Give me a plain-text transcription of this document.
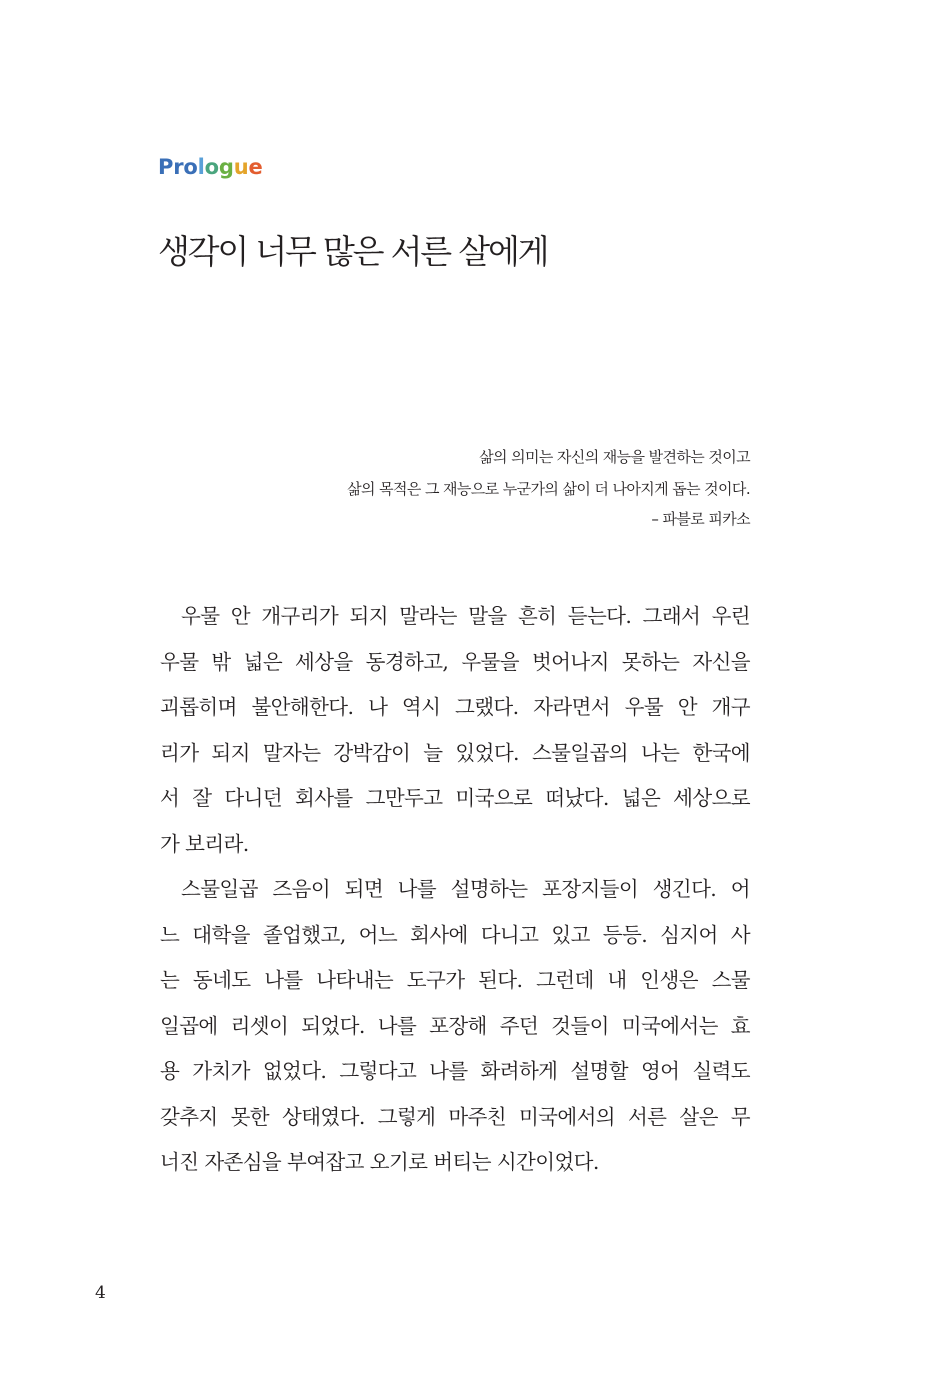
Prologue
생각이 너무 많은 서른 살에게
삶의 의미는 자신의 재능을 발견하는 것이고
삶의 목적은 그 재능으로 누군가의 삶이 더 나아지게 돕는 것이다.
– 파블로 피카소
우물 안 개구리가 되지 말라는 말을 흔히 듣는다. 그래서 우린
우물 밖 넓은 세상을 동경하고, 우물을 벗어나지 못하는 자신을
괴롭히며 불안해한다. 나 역시 그랬다. 자라면서 우물 안 개구
리가 되지 말자는 강박감이 늘 있었다. 스물일곱의 나는 한국에
서 잘 다니던 회사를 그만두고 미국으로 떠났다. 넓은 세상으로
가 보리라.
스물일곱 즈음이 되면 나를 설명하는 포장지들이 생긴다. 어
느 대학을 졸업했고, 어느 회사에 다니고 있고 등등. 심지어 사
는 동네도 나를 나타내는 도구가 된다. 그런데 내 인생은 스물
일곱에 리셋이 되었다. 나를 포장해 주던 것들이 미국에서는 효
용 가치가 없었다. 그렇다고 나를 화려하게 설명할 영어 실력도
갖추지 못한 상태였다. 그렇게 마주친 미국에서의 서른 살은 무
너진 자존심을 부여잡고 오기로 버티는 시간이었다.
4
